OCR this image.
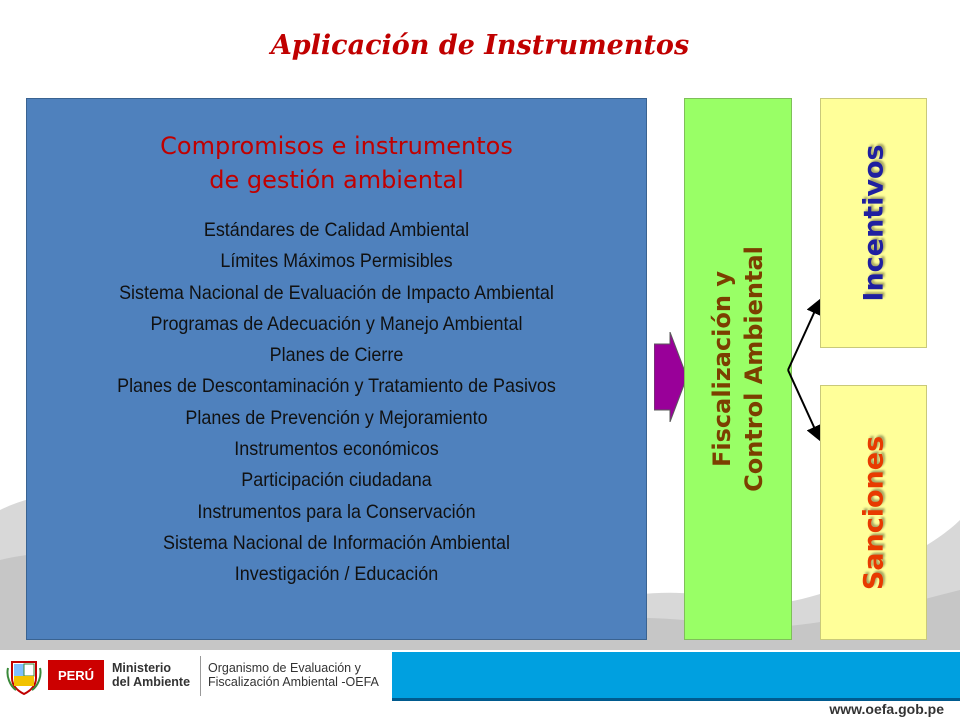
Aplicación de Instrumentos
Compromisos e instrumentos
de gestión ambiental
Estándares de Calidad Ambiental
Límites Máximos Permisibles
Sistema Nacional de Evaluación de Impacto Ambiental
Programas de Adecuación y Manejo Ambiental
Planes de Cierre
Planes de Descontaminación y Tratamiento de Pasivos
Planes de Prevención y Mejoramiento
Instrumentos económicos
Participación ciudadana
Instrumentos para la Conservación
Sistema Nacional de Información Ambiental
Investigación / Educación
Fiscalización y Control Ambiental
Incentivos
Sanciones
PERÚ	Ministerio
del Ambiente
Organismo de Evaluación y
Fiscalización Ambiental -OEFA
www.oefa.gob.pe
